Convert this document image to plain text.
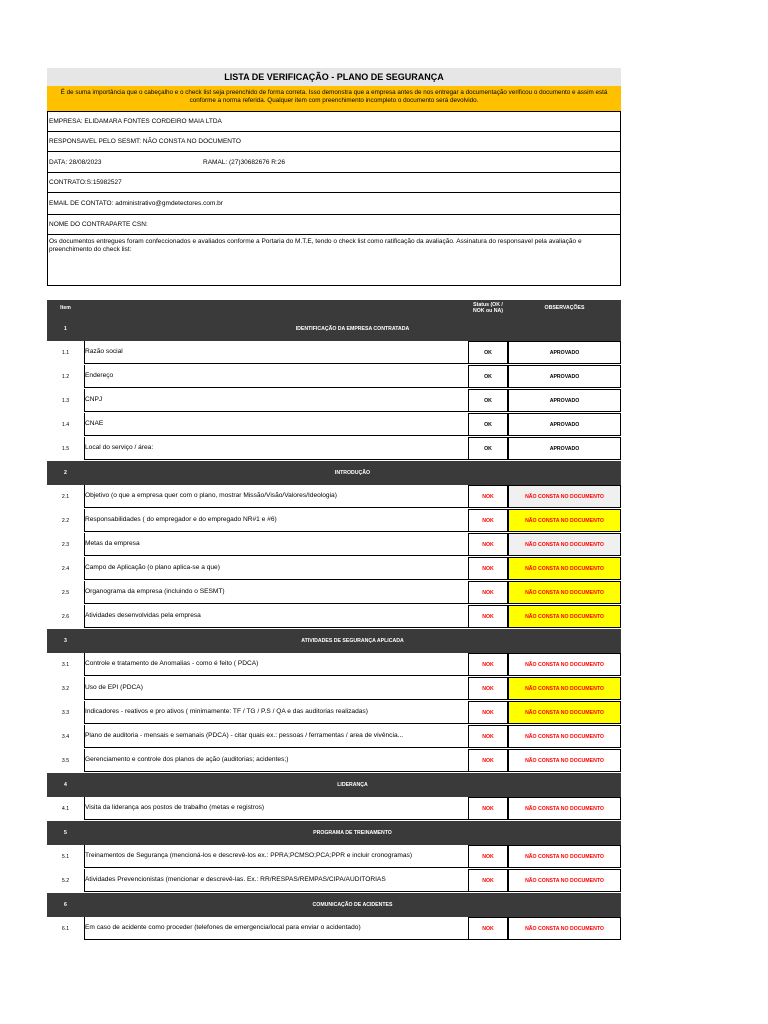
LISTA DE VERIFICAÇÃO - PLANO DE SEGURANÇA
É de suma importância que o cabeçalho e o check list seja preenchido de forma correta. Isso demonstra que a empresa antes de nos entregar a documentação verificou o documento e assim está conforme a norma referida. Qualquer item com preenchimento incompleto o documento será devolvido.
EMPRESA: ELIDAMARA FONTES CORDEIRO MAIA LTDA
RESPONSAVEL PELO SESMT: NÃO CONSTA NO DOCUMENTO
DATA: 28/08/2023	RAMAL: (27)30682676 R:26
CONTRATO:S:15982527
EMAIL DE CONTATO: administrativo@gmdetectores.com.br
NOME DO CONTRAPARTE CSN:
Os documentos entregues foram confeccionados e avaliados conforme a Portaria do M.T.E, tendo o check list como ratificação da avaliação. Assinatura do responsavel pela avaliação e preenchimento do check list:
Item	Status (OK / NOK ou NA)	OBSERVAÇÕES
1	IDENTIFICAÇÃO DA EMPRESA CONTRATADA
1.1	Razão social	OK	APROVADO
1.2	Endereço	OK	APROVADO
1.3	CNPJ	OK	APROVADO
1.4	CNAE	OK	APROVADO
1.5	Local do serviço / área:	OK	APROVADO
2	INTRODUÇÃO
2.1	Objetivo (o que a empresa quer com o plano, mostrar Missão/Visão/Valores/Ideologia)	NOK	NÃO CONSTA NO DOCUMENTO
2.2	Responsabilidades ( do empregador e do empregado NR#1 e #6)	NOK	NÃO CONSTA NO DOCUMENTO
2.3	Metas da empresa	NOK	NÃO CONSTA NO DOCUMENTO
2.4	Campo de Aplicação (o plano aplica-se a que)	NOK	NÃO CONSTA NO DOCUMENTO
2.5	Organograma da empresa (incluindo o SESMT)	NOK	NÃO CONSTA NO DOCUMENTO
2.6	Atividades desenvolvidas pela empresa	NOK	NÃO CONSTA NO DOCUMENTO
3	ATIVIDADES DE SEGURANÇA APLICADA
3.1	Controle e tratamento de Anomalias - como é feito ( PDCA)	NOK	NÃO CONSTA NO DOCUMENTO
3.2	Uso de EPI (PDCA)	NOK	NÃO CONSTA NO DOCUMENTO
3.3	Indicadores - reativos e pro ativos ( minimamente: TF / TG / P.S / QA e das auditorias realizadas)	NOK	NÃO CONSTA NO DOCUMENTO
3.4	Plano de auditoria - mensais e semanais (PDCA) - citar quais ex.: pessoas / ferramentas / area de vivência...	NOK	NÃO CONSTA NO DOCUMENTO
3.5	Gerenciamento e controle dos planos de ação (auditorias; acidentes;)	NOK	NÃO CONSTA NO DOCUMENTO
4	LIDERANÇA
4.1	Visita da liderança aos postos de trabalho (metas e registros)	NOK	NÃO CONSTA NO DOCUMENTO
5	PROGRAMA DE TREINAMENTO
5.1	Treinamentos de Segurança (mencioná-los e descrevê-los ex.: PPRA;PCMSO;PCA;PPR e incluir cronogramas)	NOK	NÃO CONSTA NO DOCUMENTO
5.2	Atividades Prevencionistas (mencionar e descrevê-las. Ex.: RR/RESPAS/REMPAS/CIPA/AUDITORIAS	NOK	NÃO CONSTA NO DOCUMENTO
6	COMUNICAÇÃO DE ACIDENTES
6.1	Em caso de acidente como proceder (telefones de emergencia/local para enviar o acidentado)	NOK	NÃO CONSTA NO DOCUMENTO
